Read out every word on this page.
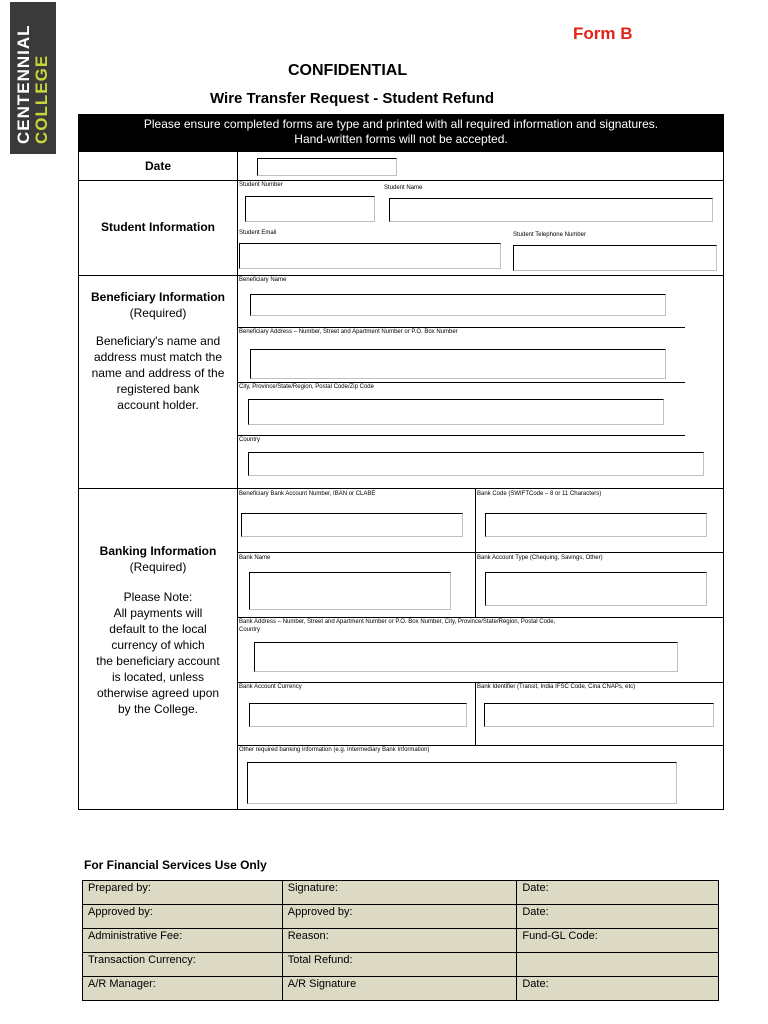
CENTENNIAL COLLEGE
Form B
CONFIDENTIAL
Wire Transfer Request - Student Refund
Please ensure completed forms are type and printed with all required information and signatures.
Hand-written forms will not be accepted.
Date
Student Information
Student Number	Student Name
Student Email	Student Telephone Number
Beneficiary Information
(Required)
Beneficiary's name and
address must match the
name and address of the
registered bank
account holder.
Beneficiary Name
Beneficiary Address – Number, Street and Apartment Number or P.O. Box Number
City, Province/State/Region, Postal Code/Zip Code
Country
Banking Information
(Required)
Please Note:
All payments will
default to the local
currency of which
the beneficiary account
is located, unless
otherwise agreed upon
by the College.
Beneficiary Bank Account Number, IBAN or CLABE	Bank Code (SWIFTCode – 8 or 11 Characters)
Bank Name	Bank Account Type (Chequing, Savings, Other)
Bank Address – Number, Street and Apartment Number or P.O. Box Number, City, Province/State/Region, Postal Code,
Country
Bank Account Currency	Bank Identifier (Transit, India IFSC Code, Cina CNAPs, etc)
Other required banking information (e.g. Intermediary Bank Information)
For Financial Services Use Only
Prepared by:	Signature:	Date:
Approved by:	Approved by:	Date:
Administrative Fee:	Reason:	Fund-GL Code:
Transaction Currency:	Total Refund:	
A/R Manager:	A/R Signature	Date:
